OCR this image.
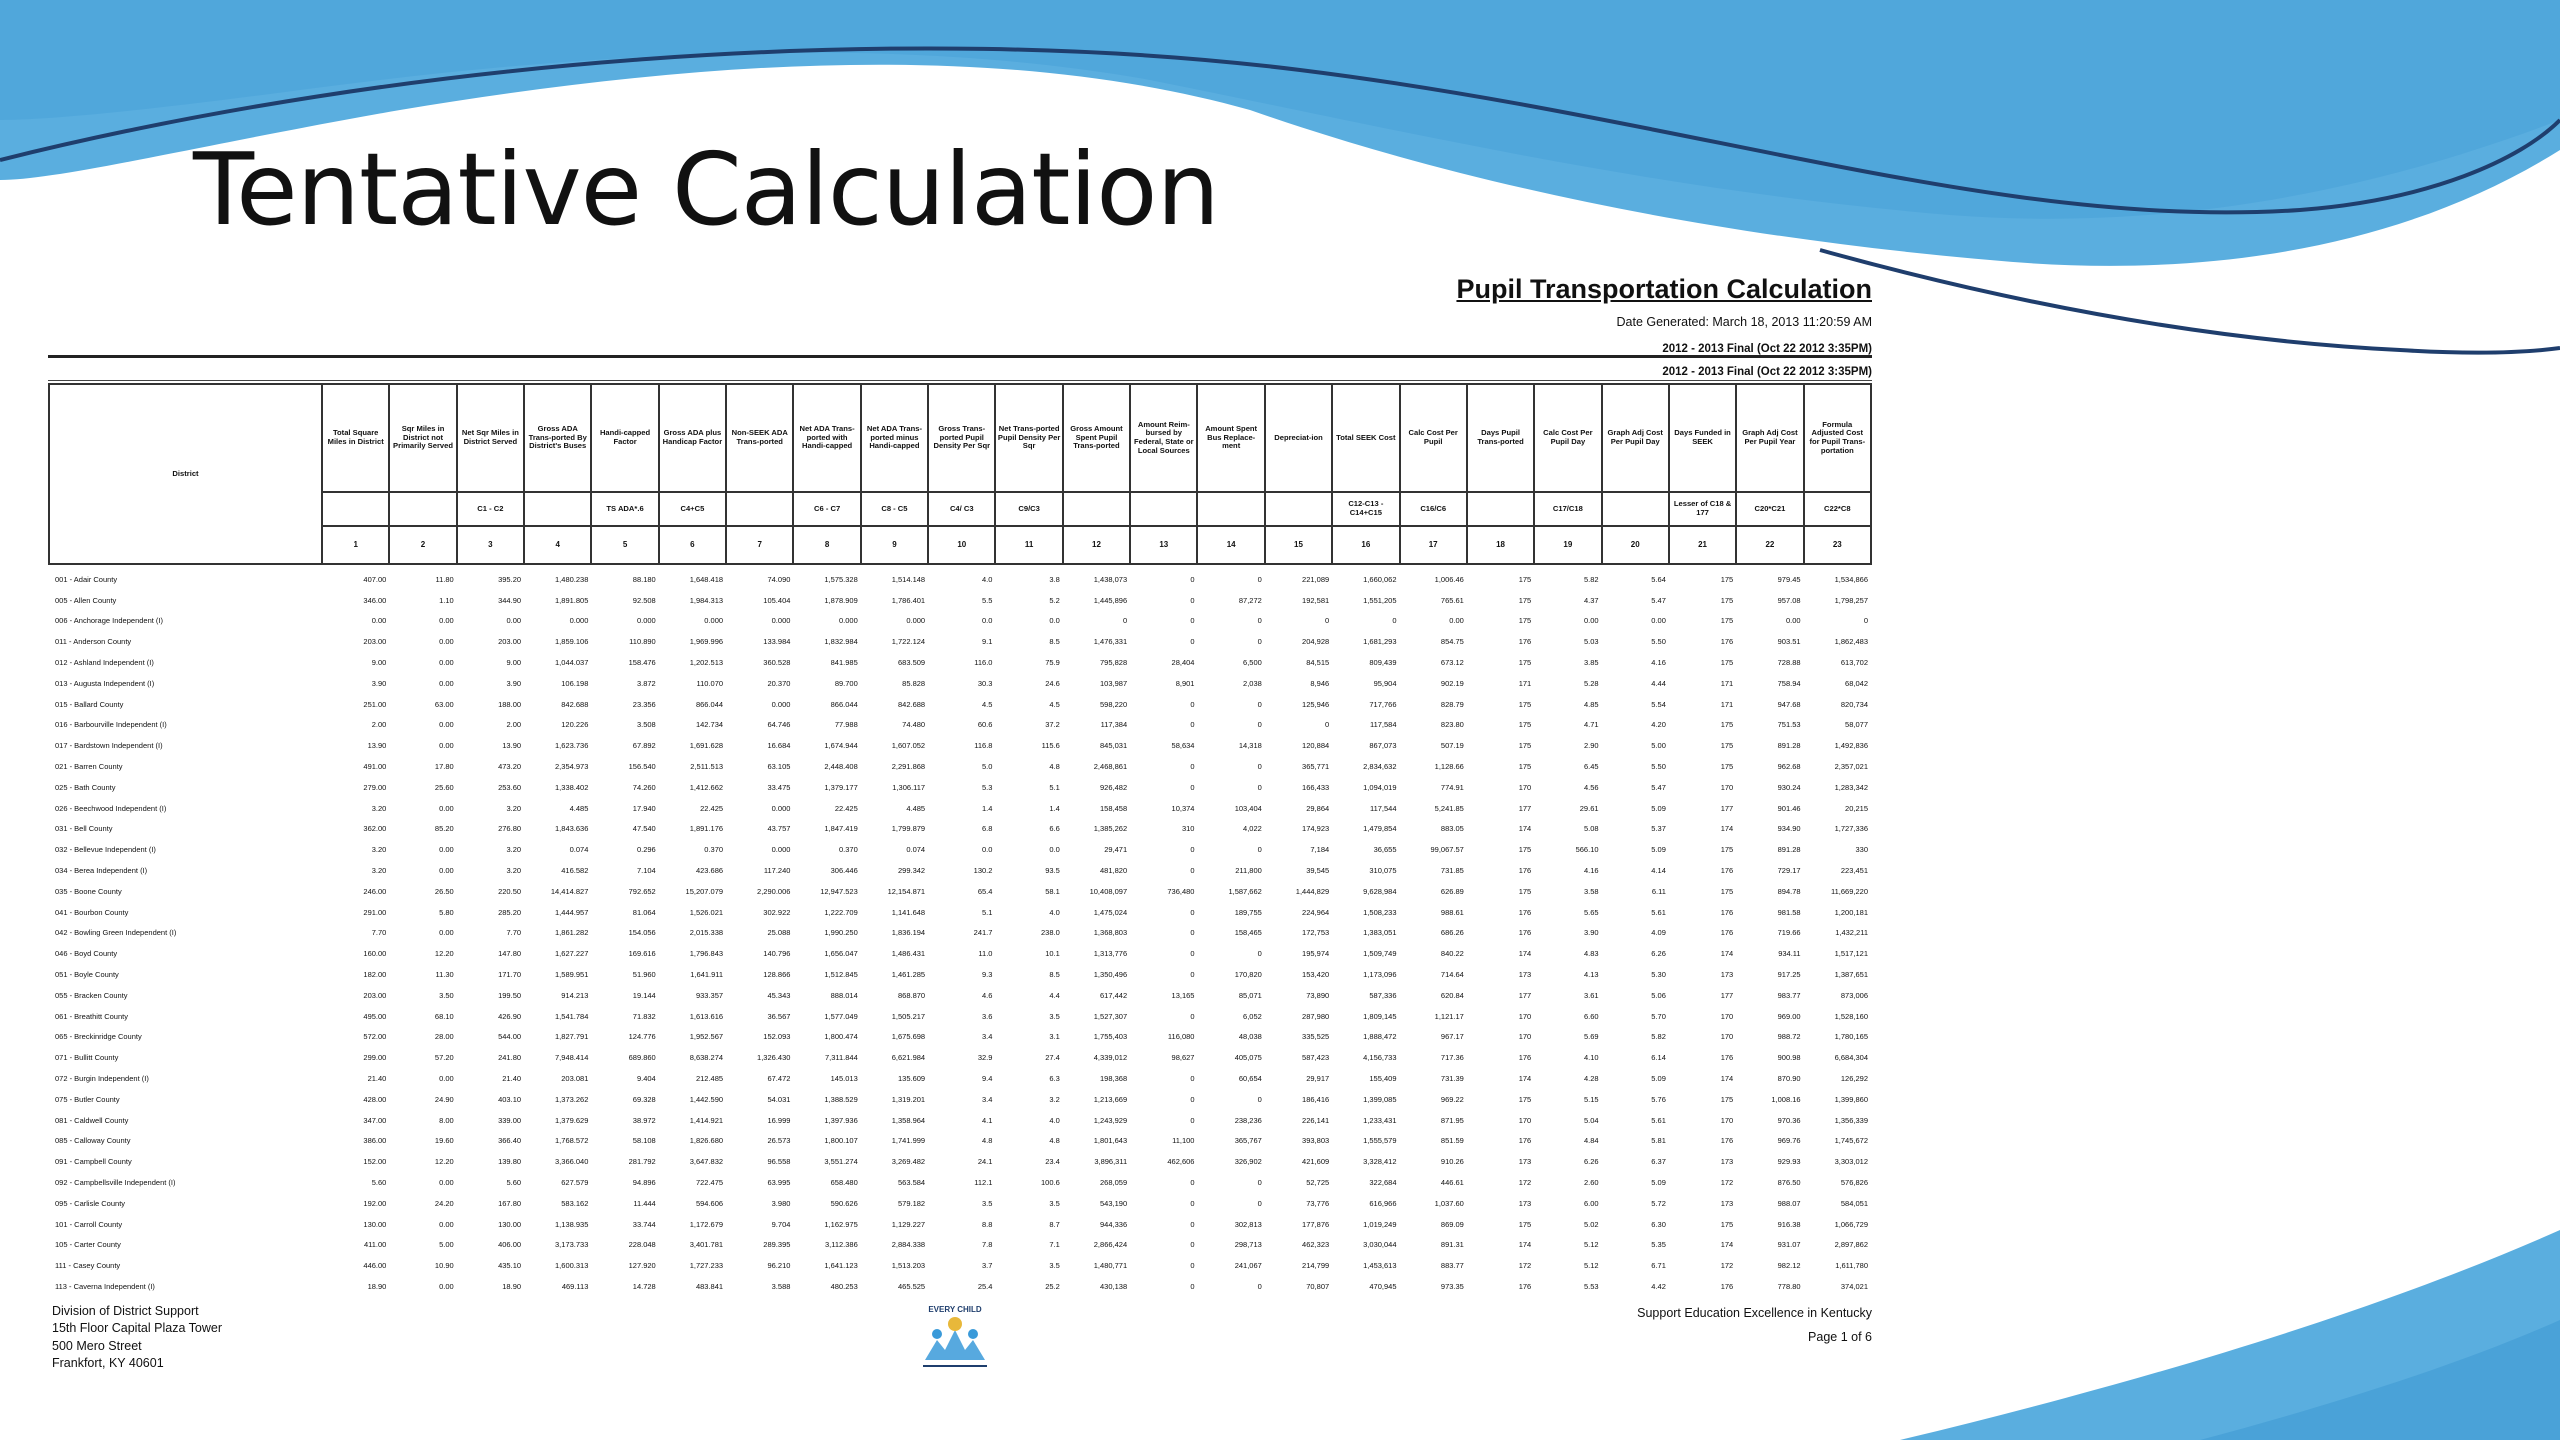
Tentative Calculation
Pupil Transportation Calculation
Date Generated: March 18, 2013 11:20:59 AM
2012 - 2013 Final (Oct 22 2012 3:35PM)
2012 - 2013 Final (Oct 22 2012 3:35PM)
District	Total Square Miles in District	Sqr Miles in District not Primarily Served	Net Sqr Miles in District Served	Gross ADA Trans-ported By District's Buses	Handi-capped Factor	Gross ADA plus Handicap Factor	Non-SEEK ADA Trans-ported	Net ADA Trans-ported with Handi-capped	Net ADA Trans-ported minus Handi-capped	Gross Trans-ported Pupil Density Per Sqr	Net Trans-ported Pupil Density Per Sqr	Gross Amount Spent Pupil Trans-ported	Amount Reim-bursed by Federal, State or Local Sources	Amount Spent Bus Replace-ment	Depreciat-ion	Total SEEK Cost	Calc Cost Per Pupil	Days Pupil Trans-ported	Calc Cost Per Pupil Day	Graph Adj Cost Per Pupil Day	Days Funded in SEEK	Graph Adj Cost Per Pupil Year	Formula Adjusted Cost for Pupil Trans-portation
			C1 - C2		TS ADA*.6	C4+C5		C6 - C7	C8 - C5	C4/ C3	C9/C3					C12-C13 - C14+C15	C16/C6		C17/C18		Lesser of C18 & 177	C20*C21	C22*C8
	1	2	3	4	5	6	7	8	9	10	11	12	13	14	15	16	17	18	19	20	21	22	23
001 - Adair County	407.00	11.80	395.20	1,480.238	88.180	1,648.418	74.090	1,575.328	1,514.148	4.0	3.8	1,438,073	0	0	221,089	1,660,062	1,006.46	175	5.82	5.64	175	979.45	1,534,866
005 - Allen County	346.00	1.10	344.90	1,891.805	92.508	1,984.313	105.404	1,878.909	1,786.401	5.5	5.2	1,445,896	0	87,272	192,581	1,551,205	765.61	175	4.37	5.47	175	957.08	1,798,257
006 - Anchorage Independent (I)	0.00	0.00	0.00	0.000	0.000	0.000	0.000	0.000	0.000	0.0	0.0	0	0	0	0	0	0.00	175	0.00	0.00	175	0.00	0
011 - Anderson County	203.00	0.00	203.00	1,859.106	110.890	1,969.996	133.984	1,832.984	1,722.124	9.1	8.5	1,476,331	0	0	204,928	1,681,293	854.75	176	5.03	5.50	176	903.51	1,862,483
012 - Ashland Independent (I)	9.00	0.00	9.00	1,044.037	158.476	1,202.513	360.528	841.985	683.509	116.0	75.9	795,828	28,404	6,500	84,515	809,439	673.12	175	3.85	4.16	175	728.88	613,702
013 - Augusta Independent (I)	3.90	0.00	3.90	106.198	3.872	110.070	20.370	89.700	85.828	30.3	24.6	103,987	8,901	2,038	8,946	95,904	902.19	171	5.28	4.44	171	758.94	68,042
015 - Ballard County	251.00	63.00	188.00	842.688	23.356	866.044	0.000	866.044	842.688	4.5	4.5	598,220	0	0	125,946	717,766	828.79	175	4.85	5.54	171	947.68	820,734
016 - Barbourville Independent (I)	2.00	0.00	2.00	120.226	3.508	142.734	64.746	77.988	74.480	60.6	37.2	117,384	0	0	0	117,584	823.80	175	4.71	4.20	175	751.53	58,077
017 - Bardstown Independent (I)	13.90	0.00	13.90	1,623.736	67.892	1,691.628	16.684	1,674.944	1,607.052	116.8	115.6	845,031	58,634	14,318	120,884	867,073	507.19	175	2.90	5.00	175	891.28	1,492,836
021 - Barren County	491.00	17.80	473.20	2,354.973	156.540	2,511.513	63.105	2,448.408	2,291.868	5.0	4.8	2,468,861	0	0	365,771	2,834,632	1,128.66	175	6.45	5.50	175	962.68	2,357,021
025 - Bath County	279.00	25.60	253.60	1,338.402	74.260	1,412.662	33.475	1,379.177	1,306.117	5.3	5.1	926,482	0	0	166,433	1,094,019	774.91	170	4.56	5.47	170	930.24	1,283,342
026 - Beechwood Independent (I)	3.20	0.00	3.20	4.485	17.940	22.425	0.000	22.425	4.485	1.4	1.4	158,458	10,374	103,404	29,864	117,544	5,241.85	177	29.61	5.09	177	901.46	20,215
031 - Bell County	362.00	85.20	276.80	1,843.636	47.540	1,891.176	43.757	1,847.419	1,799.879	6.8	6.6	1,385,262	310	4,022	174,923	1,479,854	883.05	174	5.08	5.37	174	934.90	1,727,336
032 - Bellevue Independent (I)	3.20	0.00	3.20	0.074	0.296	0.370	0.000	0.370	0.074	0.0	0.0	29,471	0	0	7,184	36,655	99,067.57	175	566.10	5.09	175	891.28	330
034 - Berea Independent (I)	3.20	0.00	3.20	416.582	7.104	423.686	117.240	306.446	299.342	130.2	93.5	481,820	0	211,800	39,545	310,075	731.85	176	4.16	4.14	176	729.17	223,451
035 - Boone County	246.00	26.50	220.50	14,414.827	792.652	15,207.079	2,290.006	12,947.523	12,154.871	65.4	58.1	10,408,097	736,480	1,587,662	1,444,829	9,628,984	626.89	175	3.58	6.11	175	894.78	11,669,220
041 - Bourbon County	291.00	5.80	285.20	1,444.957	81.064	1,526.021	302.922	1,222.709	1,141.648	5.1	4.0	1,475,024	0	189,755	224,964	1,508,233	988.61	176	5.65	5.61	176	981.58	1,200,181
042 - Bowling Green Independent (I)	7.70	0.00	7.70	1,861.282	154.056	2,015.338	25.088	1,990.250	1,836.194	241.7	238.0	1,368,803	0	158,465	172,753	1,383,051	686.26	176	3.90	4.09	176	719.66	1,432,211
046 - Boyd County	160.00	12.20	147.80	1,627.227	169.616	1,796.843	140.796	1,656.047	1,486.431	11.0	10.1	1,313,776	0	0	195,974	1,509,749	840.22	174	4.83	6.26	174	934.11	1,517,121
051 - Boyle County	182.00	11.30	171.70	1,589.951	51.960	1,641.911	128.866	1,512.845	1,461.285	9.3	8.5	1,350,496	0	170,820	153,420	1,173,096	714.64	173	4.13	5.30	173	917.25	1,387,651
055 - Bracken County	203.00	3.50	199.50	914.213	19.144	933.357	45.343	888.014	868.870	4.6	4.4	617,442	13,165	85,071	73,890	587,336	620.84	177	3.61	5.06	177	983.77	873,006
061 - Breathitt County	495.00	68.10	426.90	1,541.784	71.832	1,613.616	36.567	1,577.049	1,505.217	3.6	3.5	1,527,307	0	6,052	287,980	1,809,145	1,121.17	170	6.60	5.70	170	969.00	1,528,160
065 - Breckinridge County	572.00	28.00	544.00	1,827.791	124.776	1,952.567	152.093	1,800.474	1,675.698	3.4	3.1	1,755,403	116,080	48,038	335,525	1,888,472	967.17	170	5.69	5.82	170	988.72	1,780,165
071 - Bullitt County	299.00	57.20	241.80	7,948.414	689.860	8,638.274	1,326.430	7,311.844	6,621.984	32.9	27.4	4,339,012	98,627	405,075	587,423	4,156,733	717.36	176	4.10	6.14	176	900.98	6,684,304
072 - Burgin Independent (I)	21.40	0.00	21.40	203.081	9.404	212.485	67.472	145.013	135.609	9.4	6.3	198,368	0	60,654	29,917	155,409	731.39	174	4.28	5.09	174	870.90	126,292
075 - Butler County	428.00	24.90	403.10	1,373.262	69.328	1,442.590	54.031	1,388.529	1,319.201	3.4	3.2	1,213,669	0	0	186,416	1,399,085	969.22	175	5.15	5.76	175	1,008.16	1,399,860
081 - Caldwell County	347.00	8.00	339.00	1,379.629	38.972	1,414.921	16.999	1,397.936	1,358.964	4.1	4.0	1,243,929	0	238,236	226,141	1,233,431	871.95	170	5.04	5.61	170	970.36	1,356,339
085 - Calloway County	386.00	19.60	366.40	1,768.572	58.108	1,826.680	26.573	1,800.107	1,741.999	4.8	4.8	1,801,643	11,100	365,767	393,803	1,555,579	851.59	176	4.84	5.81	176	969.76	1,745,672
091 - Campbell County	152.00	12.20	139.80	3,366.040	281.792	3,647.832	96.558	3,551.274	3,269.482	24.1	23.4	3,896,311	462,606	326,902	421,609	3,328,412	910.26	173	6.26	6.37	173	929.93	3,303,012
092 - Campbellsville Independent (I)	5.60	0.00	5.60	627.579	94.896	722.475	63.995	658.480	563.584	112.1	100.6	268,059	0	0	52,725	322,684	446.61	172	2.60	5.09	172	876.50	576,826
095 - Carlisle County	192.00	24.20	167.80	583.162	11.444	594.606	3.980	590.626	579.182	3.5	3.5	543,190	0	0	73,776	616,966	1,037.60	173	6.00	5.72	173	988.07	584,051
101 - Carroll County	130.00	0.00	130.00	1,138.935	33.744	1,172.679	9.704	1,162.975	1,129.227	8.8	8.7	944,336	0	302,813	177,876	1,019,249	869.09	175	5.02	6.30	175	916.38	1,066,729
105 - Carter County	411.00	5.00	406.00	3,173.733	228.048	3,401.781	289.395	3,112.386	2,884.338	7.8	7.1	2,866,424	0	298,713	462,323	3,030,044	891.31	174	5.12	5.35	174	931.07	2,897,862
111 - Casey County	446.00	10.90	435.10	1,600.313	127.920	1,727.233	96.210	1,641.123	1,513.203	3.7	3.5	1,480,771	0	241,067	214,799	1,453,613	883.77	172	5.12	6.71	172	982.12	1,611,780
113 - Caverna Independent (I)	18.90	0.00	18.90	469.113	14.728	483.841	3.588	480.253	465.525	25.4	25.2	430,138	0	0	70,807	470,945	973.35	176	5.53	4.42	176	778.80	374,021
Division of District Support
15th Floor Capital Plaza Tower
500 Mero Street
Frankfort, KY 40601
EVERY CHILD	Support Education Excellence in Kentucky
Page 1 of 6
